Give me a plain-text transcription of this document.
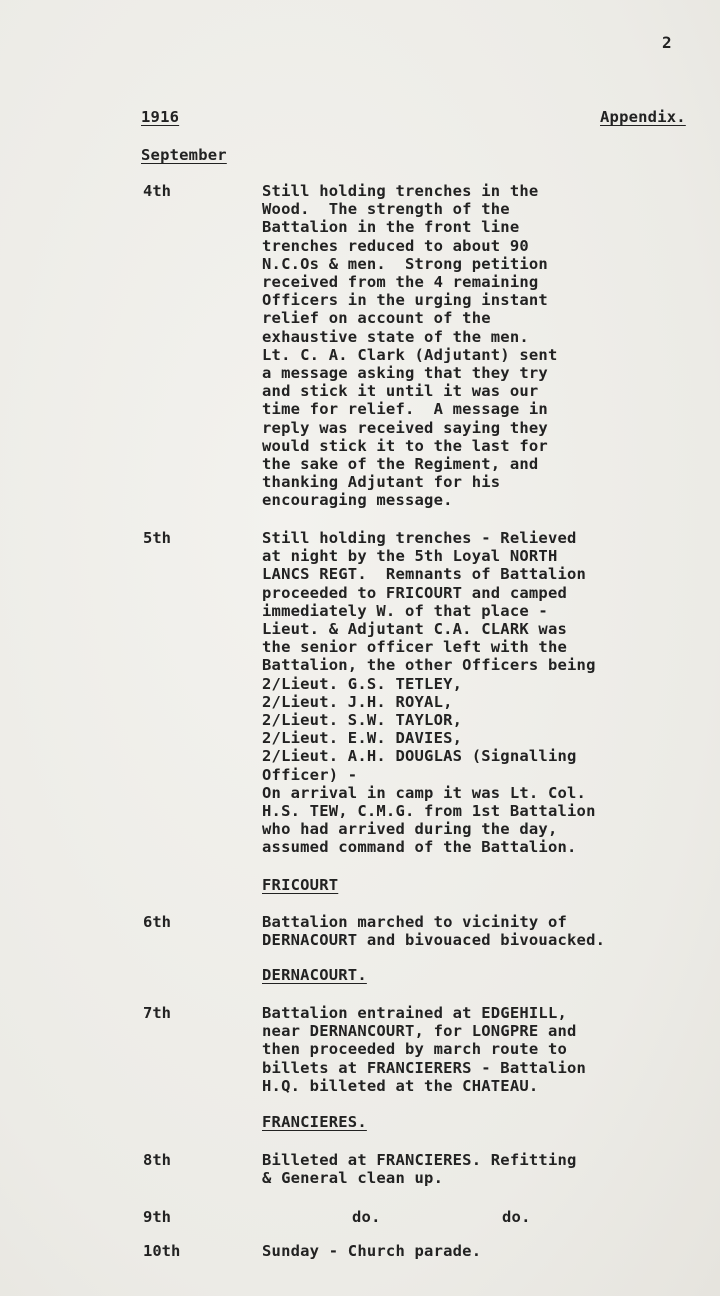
2
1916	Appendix.
September
4th	Still holding trenches in the
Wood.  The strength of the
Battalion in the front line
trenches reduced to about 90
N.C.Os & men.  Strong petition
received from the 4 remaining
Officers in the urging instant
relief on account of the
exhaustive state of the men.
Lt. C. A. Clark (Adjutant) sent
a message asking that they try
and stick it until it was our
time for relief.  A message in
reply was received saying they
would stick it to the last for
the sake of the Regiment, and
thanking Adjutant for his
encouraging message.
5th	Still holding trenches - Relieved
at night by the 5th Loyal NORTH
LANCS REGT.  Remnants of Battalion
proceeded to FRICOURT and camped
immediately W. of that place -
Lieut. & Adjutant C.A. CLARK was
the senior officer left with the
Battalion, the other Officers being
2/Lieut. G.S. TETLEY,
2/Lieut. J.H. ROYAL,
2/Lieut. S.W. TAYLOR,
2/Lieut. E.W. DAVIES,
2/Lieut. A.H. DOUGLAS (Signalling
Officer) -
On arrival in camp it was Lt. Col.
H.S. TEW, C.M.G. from 1st Battalion
who had arrived during the day,
assumed command of the Battalion.
FRICOURT
6th	Battalion marched to vicinity of
DERNACOURT and bivouaced bivouacked.
DERNACOURT.
7th	Battalion entrained at EDGEHILL,
near DERNANCOURT, for LONGPRE and
then proceeded by march route to
billets at FRANCIERERS - Battalion
H.Q. billeted at the CHATEAU.
FRANCIERES.
8th	Billeted at FRANCIERES. Refitting
& General clean up.
9th	do.	do.
10th	Sunday - Church parade.
